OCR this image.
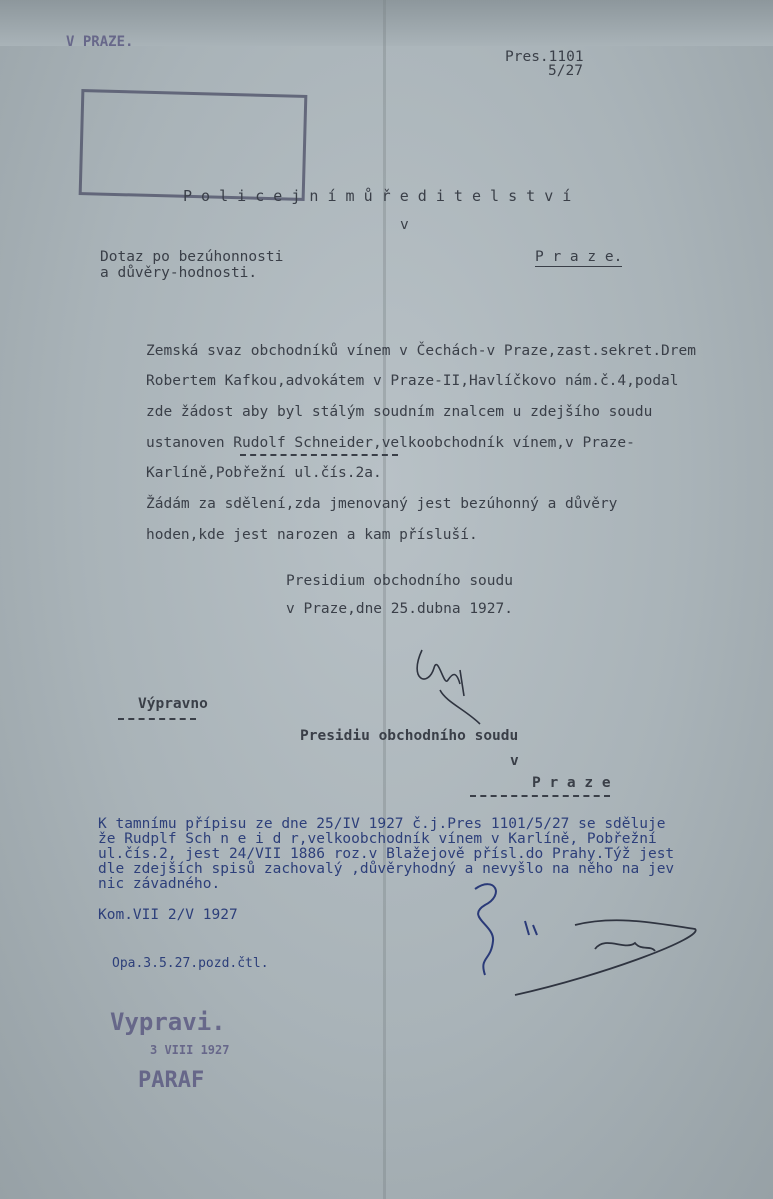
V PRAZE.
Pres.1101
5/27
P o l i c e j n í m ů ř e d i t e l s t v í
v
P r a z e.
Dotaz po bezúhonnosti
a důvěry-hodnosti.
Zemská svaz obchodníků vínem v Čechách-v Praze,zast.sekret.Drem
Robertem Kafkou,advokátem v Praze-II,Havlíčkovo nám.č.4,podal
zde žádost aby byl stálým soudním znalcem u zdejšího soudu
ustanoven Rudolf Schneider,velkoobchodník vínem,v Praze-
Karlíně,Pobřežní ul.čís.2a.
Žádám za sdělení,zda jmenovaný jest bezúhonný a důvěry
hoden,kde jest narozen a kam přísluší.
Presidium obchodního soudu
v Praze,dne 25.dubna 1927.
Výpravno
Presidiu obchodního soudu
v
P r a z e
K tamnímu přípisu ze dne 25/IV 1927 č.j.Pres 1101/5/27 se sděluje
že Rudplf Sch n e i d r,velkoobchodník vínem v Karlíně, Pobřežní
ul.čís.2, jest 24/VII 1886 roz.v Blažejově přísl.do Prahy.Týž jest
dle zdejších spisů zachovalý ,důvěryhodný a nevyšlo na něho na jev
nic závadného.
Kom.VII 2/V 1927
Opa.3.5.27.pozd.čtl.
Vypravi.
3 VIII 1927
PARAF
